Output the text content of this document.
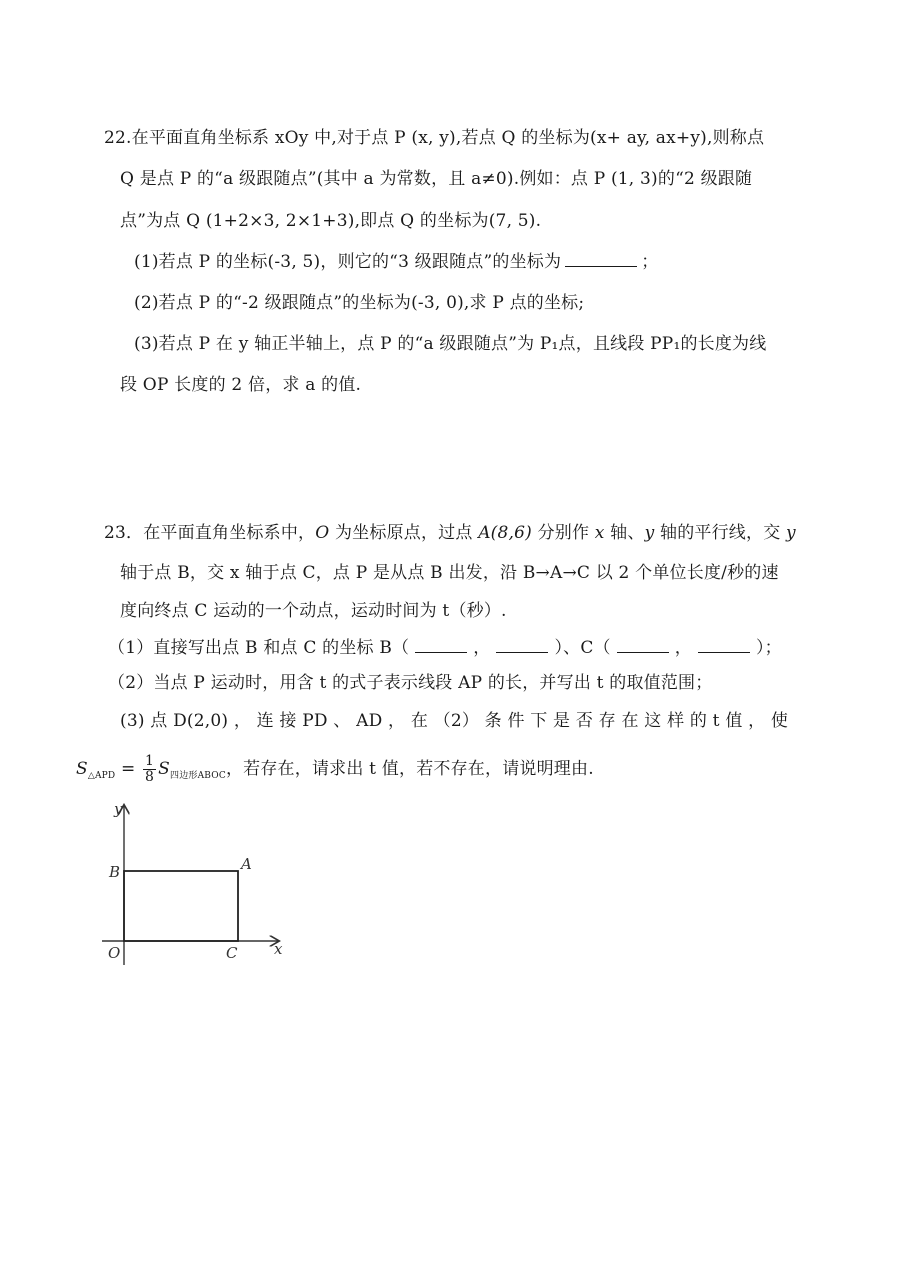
22.在平面直角坐标系 xOy 中,对于点 P (x, y),若点 Q 的坐标为(x+ ay, ax+y),则称点
Q 是点 P 的“a 级跟随点”(其中 a 为常数，且 a≠0).例如：点 P (1, 3)的“2 级跟随
点”为点 Q (1+2×3, 2×1+3),即点 Q 的坐标为(7, 5).
(1)若点 P 的坐标(-3, 5)，则它的“3 级跟随点”的坐标为	；
(2)若点 P 的“-2 级跟随点”的坐标为(-3, 0),求 P 点的坐标;
(3)若点 P 在 y 轴正半轴上，点 P 的“a 级跟随点”为 P₁点，且线段 PP₁的长度为线
段 OP 长度的 2 倍，求 a 的值.
23．在平面直角坐标系中，O 为坐标原点，过点 A(8,6) 分别作 x 轴、y 轴的平行线，交 y
轴于点 B，交 x 轴于点 C，点 P 是从点 B 出发，沿 B→A→C 以 2 个单位长度/秒的速
度向终点 C 运动的一个动点，运动时间为 t（秒）.
（1）直接写出点 B 和点 C 的坐标 B（	，	）、C（	，	）；
（2）当点 P 运动时，用含 t 的式子表示线段 AP 的长，并写出 t 的取值范围；
(3) 点 D(2,0) ， 连 接 PD 、 AD ， 在 （2） 条 件 下 是 否 存 在 这 样 的 t 值 ， 使
$S_{\triangle APD} = \frac{1}{8} S_{四边形ABOC}$，若存在，请求出 t 值，若不存在，请说明理由.
y
x
B	A
O	C
